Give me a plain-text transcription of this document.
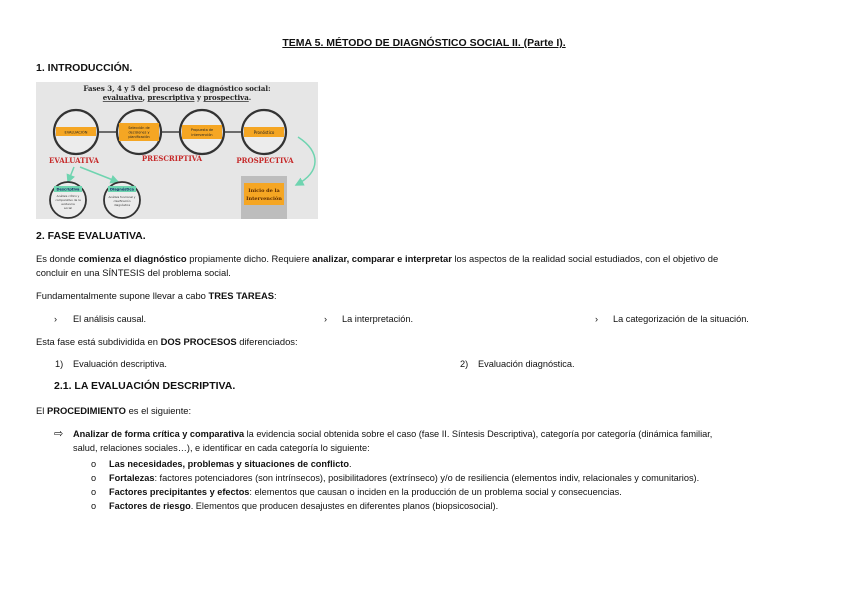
TEMA 5. MÉTODO DE DIAGNÓSTICO SOCIAL II. (Parte I).
1. INTRODUCCIÓN.
Fases 3, 4 y 5 del proceso de diagnóstico social:
evaluativa, prescriptiva y prospectiva.
EVALUACIÓN
Selección de
decisiones y
planificación
Propuesta de
intervención	Pronóstico
EVALUATIVA	PRESCRIPTIVA	PROSPECTIVA
Descriptiva
Análisis crítico y
comparativo de la
evidencia
social
Diagnóstica
Análisis funcional y
clasificación
diagnóstica
Inicio de la
Intervención
2. FASE EVALUATIVA.
Es donde comienza el diagnóstico propiamente dicho. Requiere analizar, comparar e interpretar los aspectos de la realidad social estudiados, con el objetivo de
concluir en una SÍNTESIS del problema social.
Fundamentalmente supone llevar a cabo TRES TAREAS:
› El análisis causal.	› La interpretación.	› La categorización de la situación.
Esta fase está subdividida en DOS PROCESOS diferenciados:
1) Evaluación descriptiva.	2) Evaluación diagnóstica.
2.1. LA EVALUACIÓN DESCRIPTIVA.
El PROCEDIMIENTO es el siguiente:
⇨ Analizar de forma crítica y comparativa la evidencia social obtenida sobre el caso (fase II. Síntesis Descriptiva), categoría por categoría (dinámica familiar,
salud, relaciones sociales…), e identificar en cada categoría lo siguiente:
o Las necesidades, problemas y situaciones de conflicto.
o Fortalezas: factores potenciadores (son intrínsecos), posibilitadores (extrínseco) y/o de resiliencia (elementos indiv, relacionales y comunitarios).
o Factores precipitantes y efectos: elementos que causan o inciden en la producción de un problema social y consecuencias.
o Factores de riesgo. Elementos que producen desajustes en diferentes planos (biopsicosocial).
